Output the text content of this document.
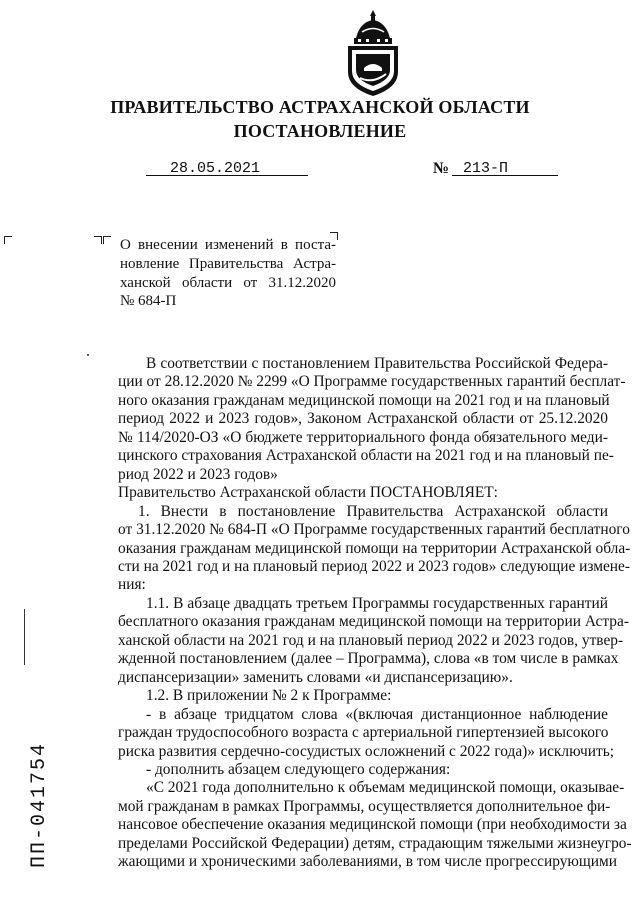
ПРАВИТЕЛЬСТВО АСТРАХАНСКОЙ ОБЛАСТИ
ПОСТАНОВЛЕНИЕ
28.05.2021	№ 213-П

О внесении изменений в поста-

новление Правительства Астра-

ханской области от 31.12.2020

№ 684-П

В соответствии с постановлением Правительства Российской Федера-
ции от 28.12.2020 № 2299 «О Программе государственных гарантий бесплат-
ного оказания гражданам медицинской помощи на 2021 год и на плановый
период 2022 и 2023 годов», Законом Астраханской области от 25.12.2020
№ 114/2020-ОЗ «О бюджете территориального фонда обязательного меди-
цинского страхования Астраханской области на 2021 год и на плановый пе-
риод 2022 и 2023 годов»
Правительство Астраханской области ПОСТАНОВЛЯЕТ:
1. Внести в постановление Правительства Астраханской области
от 31.12.2020 № 684-П «О Программе государственных гарантий бесплатного
оказания гражданам медицинской помощи на территории Астраханской обла-
сти на 2021 год и на плановый период 2022 и 2023 годов» следующие измене-
ния:
1.1. В абзаце двадцать третьем Программы государственных гарантий
бесплатного оказания гражданам медицинской помощи на территории Астра-
ханской области на 2021 год и на плановый период 2022 и 2023 годов, утвер-
жденной постановлением (далее – Программа), слова «в том числе в рамках
диспансеризации» заменить словами «и диспансеризацию».
1.2. В приложении № 2 к Программе:
- в абзаце тридцатом слова «(включая дистанционное наблюдение
граждан трудоспособного возраста с артериальной гипертензией высокого
риска развития сердечно-сосудистых осложнений с 2022 года)» исключить;
- дополнить абзацем следующего содержания:
«С 2021 года дополнительно к объемам медицинской помощи, оказывае-
мой гражданам в рамках Программы, осуществляется дополнительное фи-
нансовое обеспечение оказания медицинской помощи (при необходимости за
пределами Российской Федерации) детям, страдающим тяжелыми жизнеугро-
жающими и хроническими заболеваниями, в том числе прогрессирующими
ПП-041754
